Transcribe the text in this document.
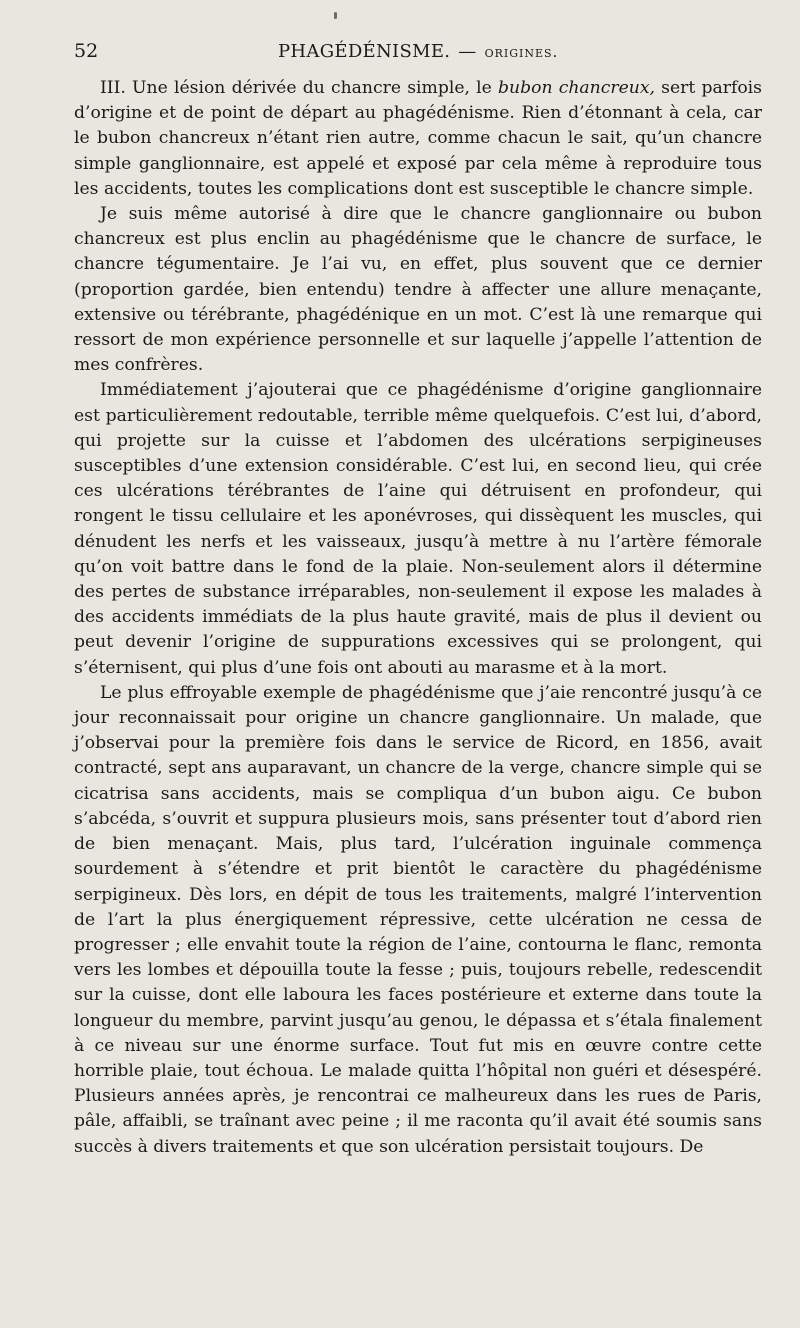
52	PHAGÉDÉNISME. — origines.

III. Une lésion dérivée du chancre simple, le bubon chancreux, sert parfois d’origine et de point de départ au phagédénisme. Rien d’étonnant à cela, car le bubon chancreux n’étant rien autre, comme chacun le sait, qu’un chancre simple ganglionnaire, est appelé et exposé par cela même à reproduire tous les accidents, toutes les complications dont est susceptible le chancre simple.

Je suis même autorisé à dire que le chancre ganglionnaire ou bubon chancreux est plus enclin au phagédénisme que le chancre de surface, le chancre tégumentaire. Je l’ai vu, en effet, plus souvent que ce dernier (proportion gardée, bien entendu) tendre à affecter une allure menaçante, extensive ou térébrante, phagédénique en un mot. C’est là une remarque qui ressort de mon expérience personnelle et sur laquelle j’appelle l’attention de mes confrères.

Immédiatement j’ajouterai que ce phagédénisme d’origine ganglionnaire est particulièrement redoutable, terrible même quelquefois. C’est lui, d’abord, qui projette sur la cuisse et l’abdomen des ulcérations serpigineuses susceptibles d’une extension considérable. C’est lui, en second lieu, qui crée ces ulcérations térébrantes de l’aine qui détruisent en profondeur, qui rongent le tissu cellulaire et les aponévroses, qui dissèquent les muscles, qui dénudent les nerfs et les vaisseaux, jusqu’à mettre à nu l’artère fémorale qu’on voit battre dans le fond de la plaie. Non-seulement alors il détermine des pertes de substance irréparables, non-seulement il expose les malades à des accidents immédiats de la plus haute gravité, mais de plus il devient ou peut devenir l’origine de suppurations excessives qui se prolongent, qui s’éternisent, qui plus d’une fois ont abouti au marasme et à la mort.

Le plus effroyable exemple de phagédénisme que j’aie rencontré jusqu’à ce jour reconnaissait pour origine un chancre ganglionnaire. Un malade, que j’observai pour la première fois dans le service de Ricord, en 1856, avait contracté, sept ans auparavant, un chancre de la verge, chancre simple qui se cicatrisa sans accidents, mais se compliqua d’un bubon aigu. Ce bubon s’abcéda, s’ouvrit et suppura plusieurs mois, sans présenter tout d’abord rien de bien menaçant. Mais, plus tard, l’ulcération inguinale commença sourdement à s’étendre et prit bientôt le caractère du phagédénisme serpigineux. Dès lors, en dépit de tous les traitements, malgré l’intervention de l’art la plus énergiquement répressive, cette ulcération ne cessa de progresser ; elle envahit toute la région de l’aine, contourna le flanc, remonta vers les lombes et dépouilla toute la fesse ; puis, toujours rebelle, redescendit sur la cuisse, dont elle laboura les faces postérieure et externe dans toute la longueur du membre, parvint jusqu’au genou, le dépassa et s’étala finalement à ce niveau sur une énorme surface. Tout fut mis en œuvre contre cette horrible plaie, tout échoua. Le malade quitta l’hôpital non guéri et désespéré. Plusieurs années après, je rencontrai ce malheureux dans les rues de Paris, pâle, affaibli, se traînant avec peine ; il me raconta qu’il avait été soumis sans succès à divers traitements et que son ulcération persistait toujours. De
